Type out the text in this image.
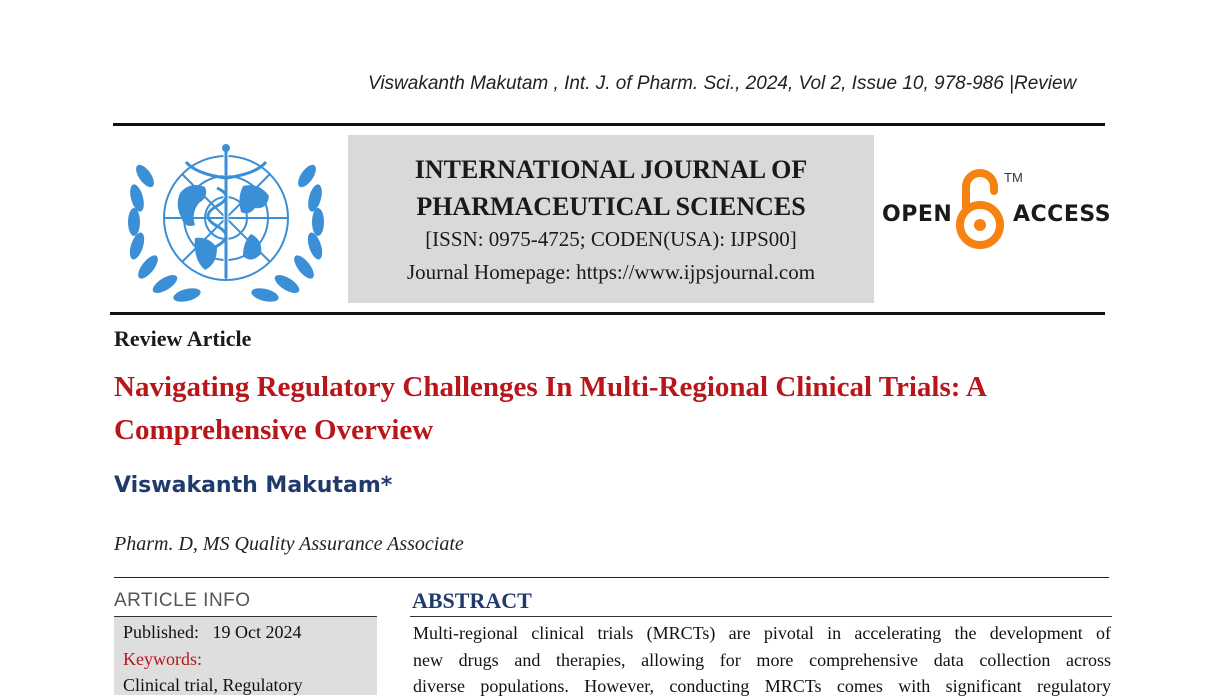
Viswakanth Makutam , Int. J. of Pharm. Sci., 2024, Vol 2, Issue 10, 978-986 |Review
INTERNATIONAL JOURNAL OF
PHARMACEUTICAL SCIENCES
[ISSN: 0975-4725; CODEN(USA): IJPS00]
Journal Homepage: https://www.ijpsjournal.com
OPEN
TM
ACCESS
Review Article
Navigating Regulatory Challenges In Multi-Regional Clinical Trials: A
Comprehensive Overview
Viswakanth Makutam*
Pharm. D, MS Quality Assurance Associate
ARTICLE INFO
Published: 19 Oct 2024
Keywords:
Clinical trial, Regulatory
ABSTRACT
Multi-regional clinical trials (MRCTs) are pivotal in accelerating the development of
new drugs and therapies, allowing for more comprehensive data collection across
diverse populations. However, conducting MRCTs comes with significant regulatory
